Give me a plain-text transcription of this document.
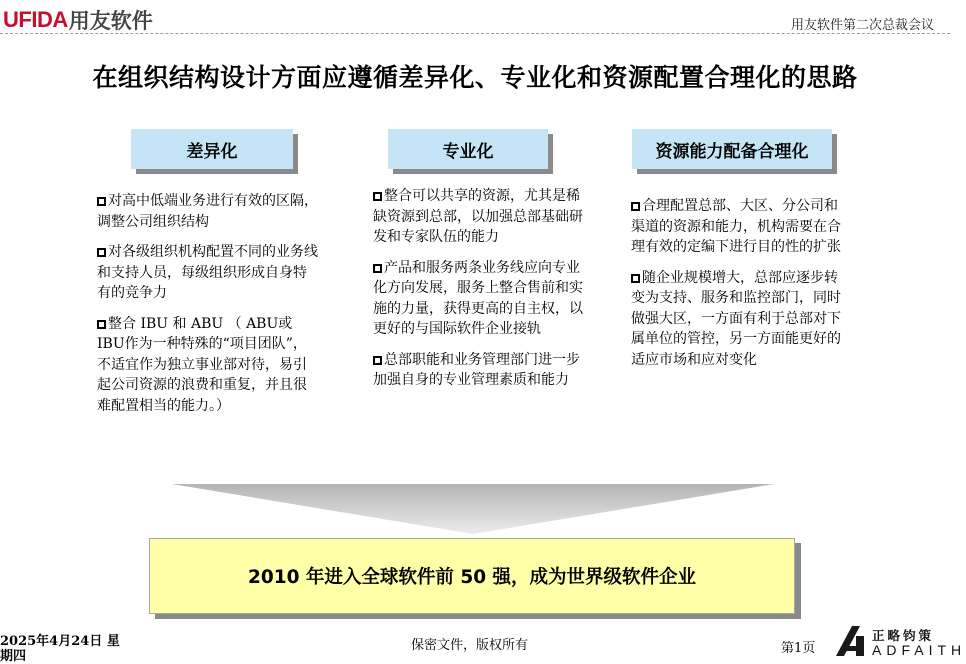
UFIDA 用友软件	用友软件第二次总裁会议
在组织结构设计方面应遵循差异化、专业化和资源配置合理化的思路
差异化	专业化	资源能力配备合理化

对高中低端业务进行有效的区隔，调整公司组织结构

对各级组织机构配置不同的业务线和支持人员，每级组织形成自身特有的竞争力

整合 IBU 和 ABU （ ABU或IBU作为一种特殊的“项目团队”，不适宜作为独立事业部对待，易引起公司资源的浪费和重复，并且很难配置相当的能力。）

整合可以共享的资源，尤其是稀缺资源到总部，以加强总部基础研发和专家队伍的能力

产品和服务两条业务线应向专业化方向发展，服务上整合售前和实施的力量，获得更高的自主权，以更好的与国际软件企业接轨

总部职能和业务管理部门进一步加强自身的专业管理素质和能力

合理配置总部、大区、分公司和渠道的资源和能力，机构需要在合理有效的定编下进行目的性的扩张

随企业规模增大，总部应逐步转变为支持、服务和监控部门，同时做强大区，一方面有利于总部对下属单位的管控，另一方面能更好的适应市场和应对变化

2010 年进入全球软件前 50 强，成为世界级软件企业
2025年4月24日 星期四
保密文件，版权所有	第1页
正略钧策
ADFAITH
